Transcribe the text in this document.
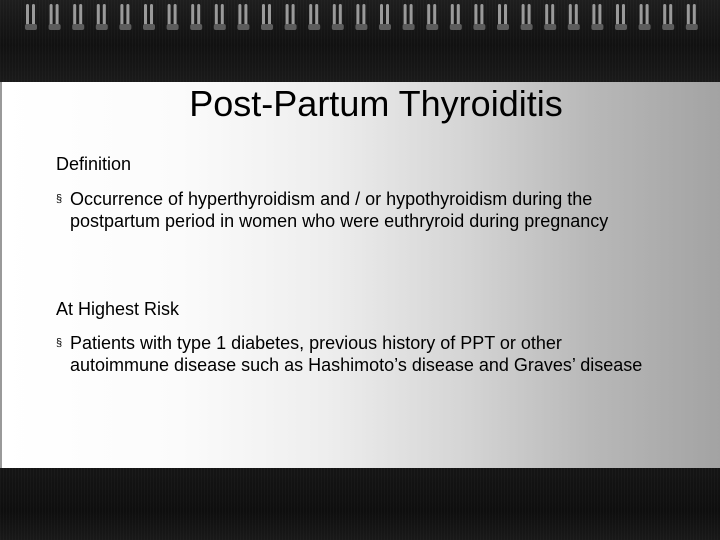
Post-Partum Thyroiditis
Definition
§ Occurrence of hyperthyroidism and / or hypothyroidism during the postpartum period in women who were euthryroid during pregnancy
At Highest Risk
§ Patients with type 1 diabetes, previous history of PPT or other autoimmune disease such as Hashimoto’s disease and Graves’ disease
